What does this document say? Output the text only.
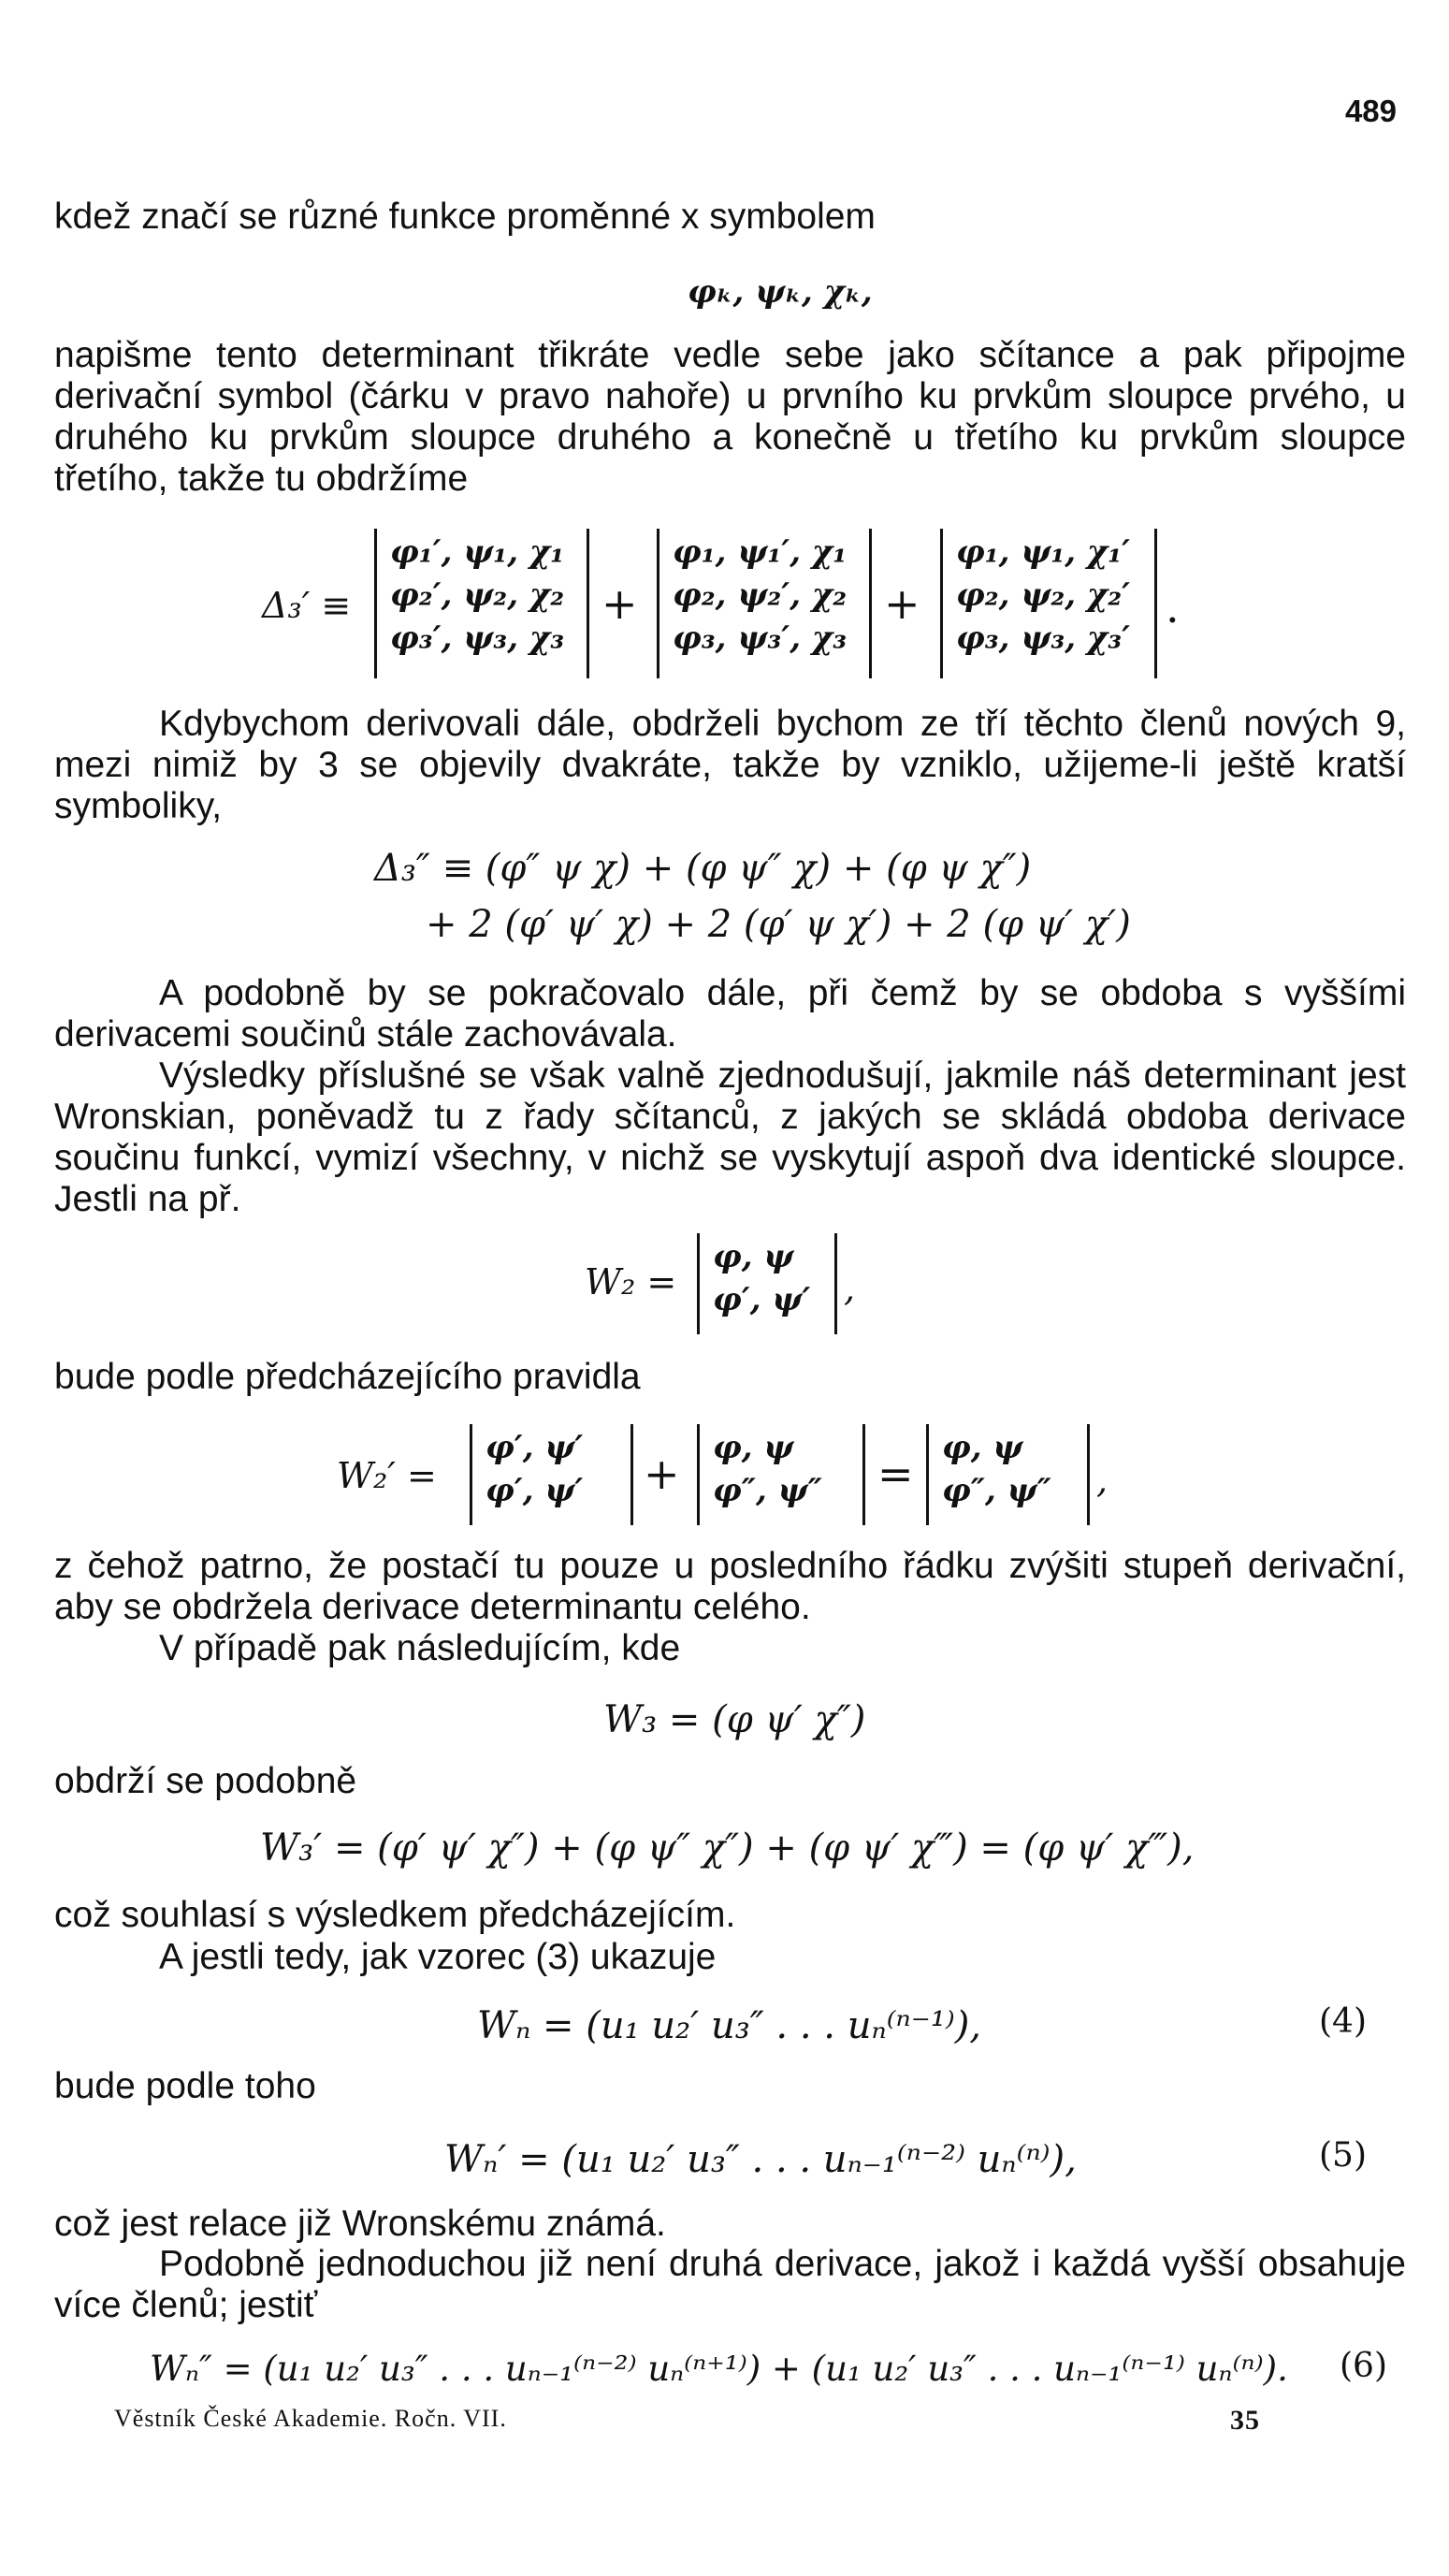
489
kdež značí se různé funkce proměnné x symbolem
φₖ, ψₖ, χₖ,
napišme tento determinant třikráte vedle sebe jako sčítance a pak připojme derivační symbol (čárku v pravo nahoře) u prvního ku prvkům sloupce prvého, u druhého ku prvkům sloupce druhého a konečně u třetího ku prvkům sloupce třetího, takže tu obdržíme
Δ₃′ ≡
φ₁′, ψ₁, χ₁
φ₂′, ψ₂, χ₂
φ₃′, ψ₃, χ₃
+
φ₁, ψ₁′, χ₁
φ₂, ψ₂′, χ₂
φ₃, ψ₃′, χ₃
+
φ₁, ψ₁, χ₁′
φ₂, ψ₂, χ₂′
φ₃, ψ₃, χ₃′
.
Kdybychom derivovali dále, obdrželi bychom ze tří těchto členů nových 9, mezi nimiž by 3 se objevily dvakráte, takže by vzniklo, užijeme-li ještě kratší symboliky,
Δ₃″ ≡ (φ″ ψ χ) + (φ ψ″ χ) + (φ ψ χ″)
+ 2 (φ′ ψ′ χ) + 2 (φ′ ψ χ′) + 2 (φ ψ′ χ′)
A podobně by se pokračovalo dále, při čemž by se obdoba s vyššími derivacemi součinů stále zachovávala.
Výsledky příslušné se však valně zjednodušují, jakmile náš determinant jest Wronskian, poněvadž tu z řady sčítanců, z jakých se skládá obdoba derivace součinu funkcí, vymizí všechny, v nichž se vyskytují aspoň dva identické sloupce. Jestli na př.
W₂ =
φ, ψ
φ′, ψ′ ,
bude podle předcházejícího pravidla
W₂′ =
φ′, ψ′
φ′, ψ′	+
φ, ψ
φ″, ψ″	=
φ, ψ
φ″, ψ″	,
z čehož patrno, že postačí tu pouze u posledního řádku zvýšiti stupeň derivační, aby se obdržela derivace determinantu celého.
V případě pak následujícím, kde
W₃ = (φ ψ′ χ″)
obdrží se podobně
W₃′ = (φ′ ψ′ χ″) + (φ ψ″ χ″) + (φ ψ′ χ‴) = (φ ψ′ χ‴),
což souhlasí s výsledkem předcházejícím.
A jestli tedy, jak vzorec (3) ukazuje
Wₙ = (u₁ u₂′ u₃″ . . . uₙ⁽ⁿ⁻¹⁾),	(4)
bude podle toho
Wₙ′ = (u₁ u₂′ u₃″ . . . uₙ₋₁⁽ⁿ⁻²⁾ uₙ⁽ⁿ⁾),	(5)
což jest relace již Wronskému známá.
Podobně jednoduchou již není druhá derivace, jakož i každá vyšší obsahuje více členů; jestiť
Wₙ″ = (u₁ u₂′ u₃″ . . . uₙ₋₁⁽ⁿ⁻²⁾ uₙ⁽ⁿ⁺¹⁾) + (u₁ u₂′ u₃″ . . . uₙ₋₁⁽ⁿ⁻¹⁾ uₙ⁽ⁿ⁾). (6)
Věstník České Akademie. Ročn. VII.	35
